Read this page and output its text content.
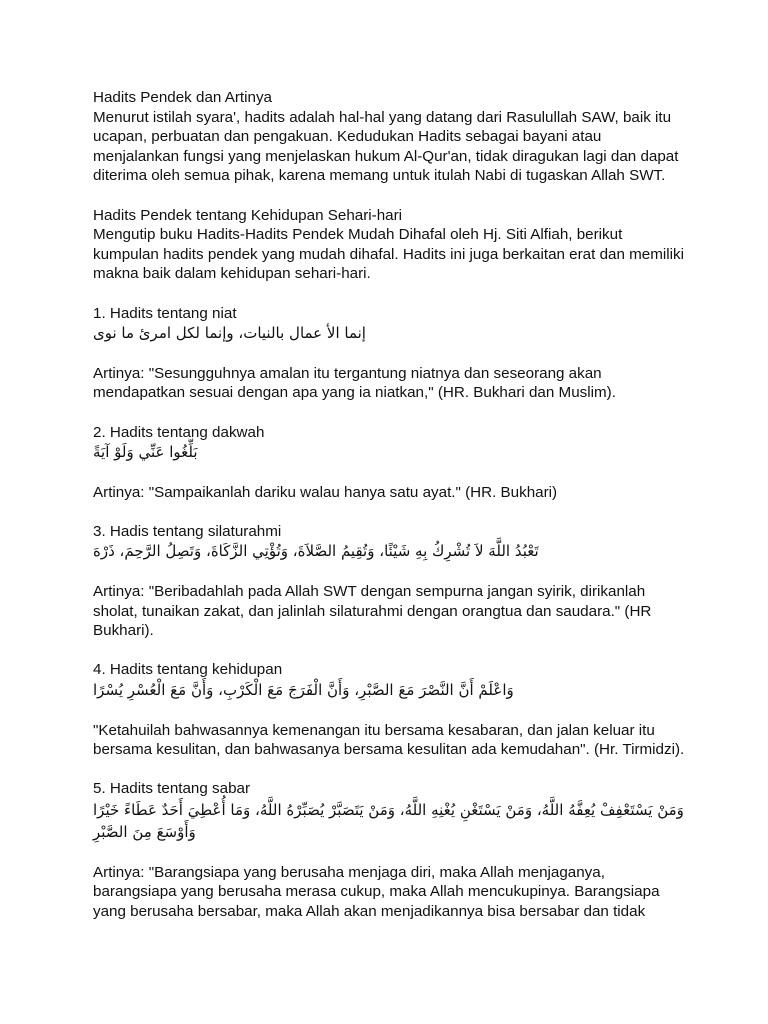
Hadits Pendek dan Artinya

Menurut istilah syara', hadits adalah hal-hal yang datang dari Rasulullah SAW, baik itu ucapan, perbuatan dan pengakuan. Kedudukan Hadits sebagai bayani atau menjalankan fungsi yang menjelaskan hukum Al-Qur'an, tidak diragukan lagi dan dapat diterima oleh semua pihak, karena memang untuk itulah Nabi di tugaskan Allah SWT.

Hadits Pendek tentang Kehidupan Sehari-hari

Mengutip buku Hadits-Hadits Pendek Mudah Dihafal oleh Hj. Siti Alfiah, berikut kumpulan hadits pendek yang mudah dihafal. Hadits ini juga berkaitan erat dan memiliki makna baik dalam kehidupan sehari-hari.

1. Hadits tentang niat

إنما الأ عمال بالنيات، وإنما لكل امرئ ما نوى

Artinya: "Sesungguhnya amalan itu tergantung niatnya dan seseorang akan mendapatkan sesuai dengan apa yang ia niatkan," (HR. Bukhari dan Muslim).

2. Hadits tentang dakwah

بَلِّغُوا عَنِّي وَلَوْ آيَةً

Artinya: "Sampaikanlah dariku walau hanya satu ayat." (HR. Bukhari)

3. Hadis tentang silaturahmi

تَعْبُدُ اللَّهَ لاَ تُشْرِكُ بِهِ شَيْئًا، وَتُقِيمُ الصَّلاَةَ، وَتُؤْتِي الزَّكَاةَ، وَتَصِلُ الرَّحِمَ، ذَرْهَ

Artinya: "Beribadahlah pada Allah SWT dengan sempurna jangan syirik, dirikanlah sholat, tunaikan zakat, dan jalinlah silaturahmi dengan orangtua dan saudara." (HR Bukhari).

4. Hadits tentang kehidupan

وَاعْلَمْ أَنَّ النَّصْرَ مَعَ الصَّبْرِ، وَأَنَّ الْفَرَجَ مَعَ الْكَرْبِ، وَأَنَّ مَعَ الْعُسْرِ يُسْرًا

"Ketahuilah bahwasannya kemenangan itu bersama kesabaran, dan jalan keluar itu bersama kesulitan, dan bahwasanya bersama kesulitan ada kemudahan". (Hr. Tirmidzi).

5. Hadits tentang sabar

وَمَنْ يَسْتَعْفِفْ يُعِفَّهُ اللَّهُ، وَمَنْ يَسْتَغْنِ يُغْنِهِ اللَّهُ، وَمَنْ يَتَصَبَّرْ يُصَبِّرْهُ اللَّهُ، وَمَا أُعْطِيَ أَحَدٌ عَطَاءً خَيْرًا وَأَوْسَعَ مِنَ الصَّبْرِ

Artinya: "Barangsiapa yang berusaha menjaga diri, maka Allah menjaganya, barangsiapa yang berusaha merasa cukup, maka Allah mencukupinya. Barangsiapa yang berusaha bersabar, maka Allah akan menjadikannya bisa bersabar dan tidak
